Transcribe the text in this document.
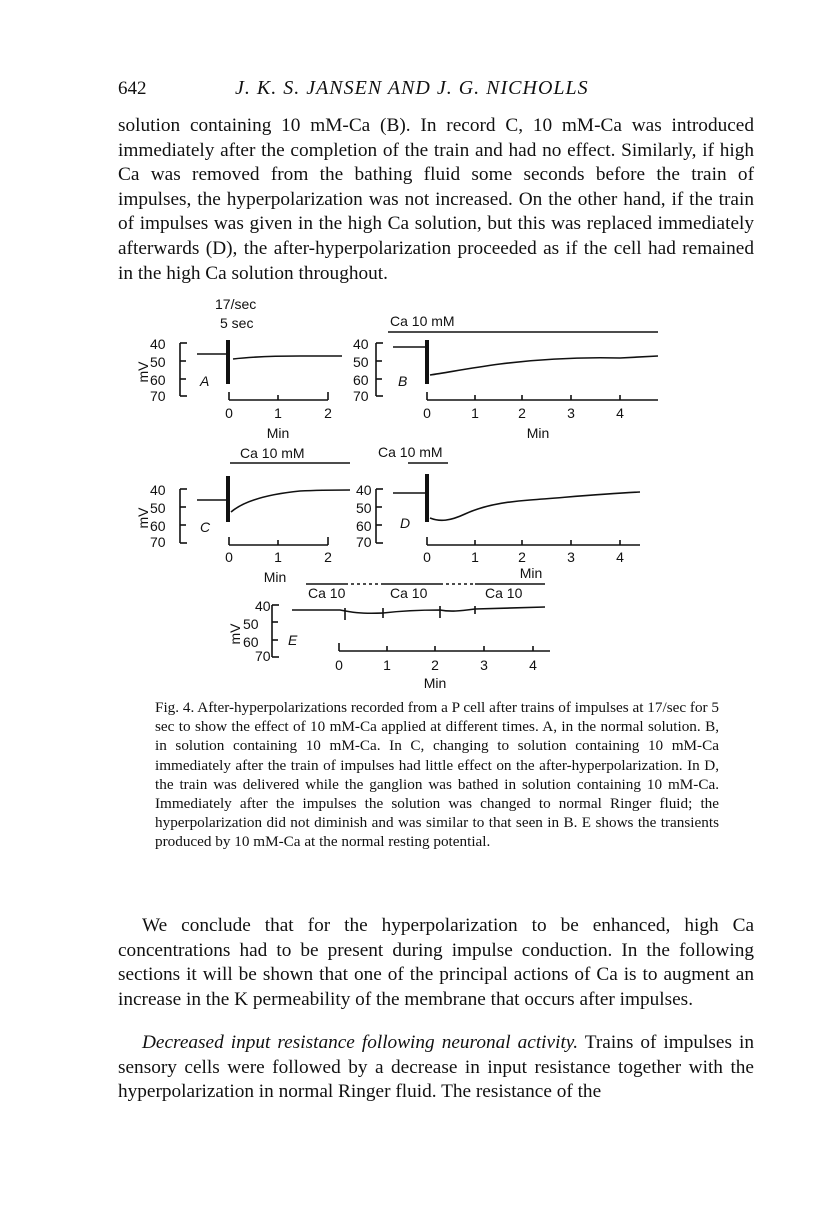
642	J. K. S. JANSEN AND J. G. NICHOLLS

solution containing 10 mM-Ca (B). In record C, 10 mM-Ca was introduced immediately after the completion of the train and had no effect. Similarly, if high Ca was removed from the bathing fluid some seconds before the train of impulses, the hyperpolarization was not increased. On the other hand, if the train of impulses was given in the high Ca solution, but this was replaced immediately afterwards (D), the after-hyperpolarization proceeded as if the cell had remained in the high Ca solution throughout.

17/sec
5 sec
40
50
60
70
mV	A
0	1	2
Min
Ca 10 mM
40
50
60
70
B
0	1	2	3	4
Min
Ca 10 mM
40
50
60
70
mV	C
0	1	2
Min
Ca 10 mM
40
50
60
70
D
0	1	2	3	4
Min
Ca 10	Ca 10	Ca 10
40
50
60
70
mV	E
0	1	2	3	4
Min

Fig. 4. After-hyperpolarizations recorded from a P cell after trains of impulses at 17/sec for 5 sec to show the effect of 10 mM-Ca applied at different times. A, in the normal solution. B, in solution containing 10 mM-Ca. In C, changing to solution containing 10 mM-Ca immediately after the train of impulses had little effect on the after-hyperpolarization. In D, the train was delivered while the ganglion was bathed in solution containing 10 mM-Ca. Immediately after the impulses the solution was changed to normal Ringer fluid; the hyperpolarization did not diminish and was similar to that seen in B. E shows the transients produced by 10 mM-Ca at the normal resting potential.

We conclude that for the hyperpolarization to be enhanced, high Ca concentrations had to be present during impulse conduction. In the following sections it will be shown that one of the principal actions of Ca is to augment an increase in the K permeability of the membrane that occurs after impulses.

Decreased input resistance following neuronal activity. Trains of impulses in sensory cells were followed by a decrease in input resistance together with the hyperpolarization in normal Ringer fluid. The resistance of the
